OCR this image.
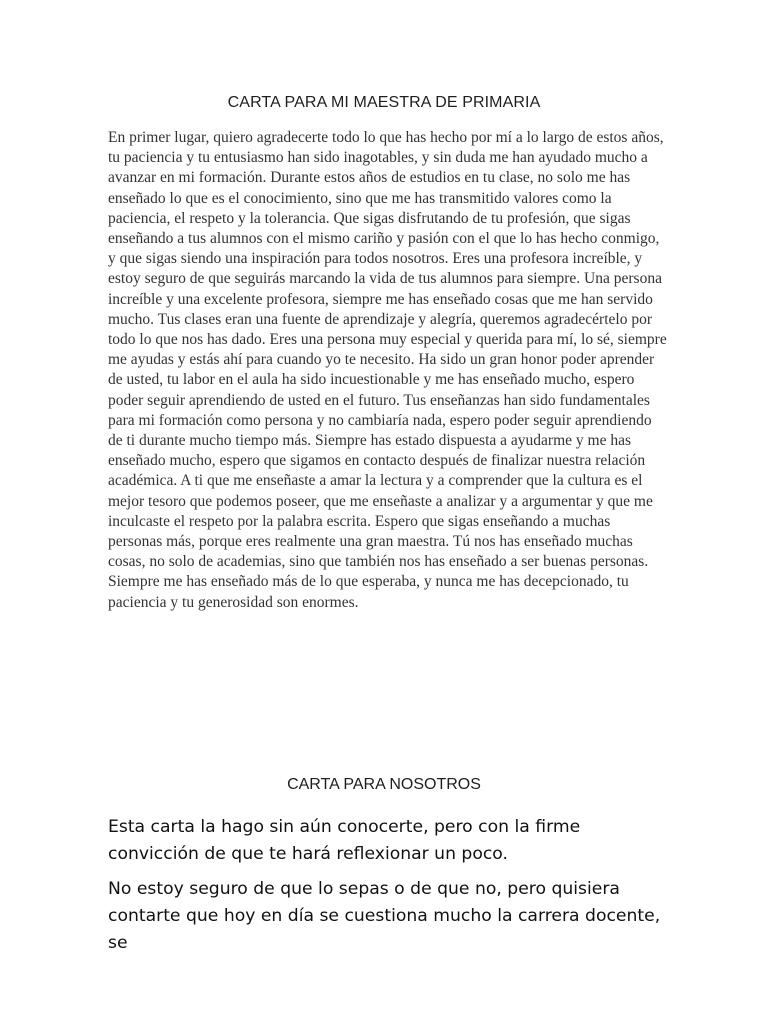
CARTA PARA MI MAESTRA DE PRIMARIA

En primer lugar, quiero agradecerte todo lo que has hecho por mí a lo largo de estos años, tu paciencia y tu entusiasmo han sido inagotables, y sin duda me han ayudado mucho a avanzar en mi formación. Durante estos años de estudios en tu clase, no solo me has enseñado lo que es el conocimiento, sino que me has transmitido valores como la paciencia, el respeto y la tolerancia. Que sigas disfrutando de tu profesión, que sigas enseñando a tus alumnos con el mismo cariño y pasión con el que lo has hecho conmigo, y que sigas siendo una inspiración para todos nosotros. Eres una profesora increíble, y estoy seguro de que seguirás marcando la vida de tus alumnos para siempre. Una persona increíble y una excelente profesora, siempre me has enseñado cosas que me han servido mucho. Tus clases eran una fuente de aprendizaje y alegría, queremos agradecértelo por todo lo que nos has dado. Eres una persona muy especial y querida para mí, lo sé, siempre me ayudas y estás ahí para cuando yo te necesito. Ha sido un gran honor poder aprender de usted, tu labor en el aula ha sido incuestionable y me has enseñado mucho, espero poder seguir aprendiendo de usted en el futuro. Tus enseñanzas han sido fundamentales para mi formación como persona y no cambiaría nada, espero poder seguir aprendiendo de ti durante mucho tiempo más. Siempre has estado dispuesta a ayudarme y me has enseñado mucho, espero que sigamos en contacto después de finalizar nuestra relación académica. A ti que me enseñaste a amar la lectura y a comprender que la cultura es el mejor tesoro que podemos poseer, que me enseñaste a analizar y a argumentar y que me inculcaste el respeto por la palabra escrita. Espero que sigas enseñando a muchas personas más, porque eres realmente una gran maestra. Tú nos has enseñado muchas cosas, no solo de academias, sino que también nos has enseñado a ser buenas personas. Siempre me has enseñado más de lo que esperaba, y nunca me has decepcionado, tu paciencia y tu generosidad son enormes.

CARTA PARA NOSOTROS

Esta carta la hago sin aún conocerte, pero con la firme convicción de que te hará reflexionar un poco.

No estoy seguro de que lo sepas o de que no, pero quisiera contarte que hoy en día se cuestiona mucho la carrera docente, se
